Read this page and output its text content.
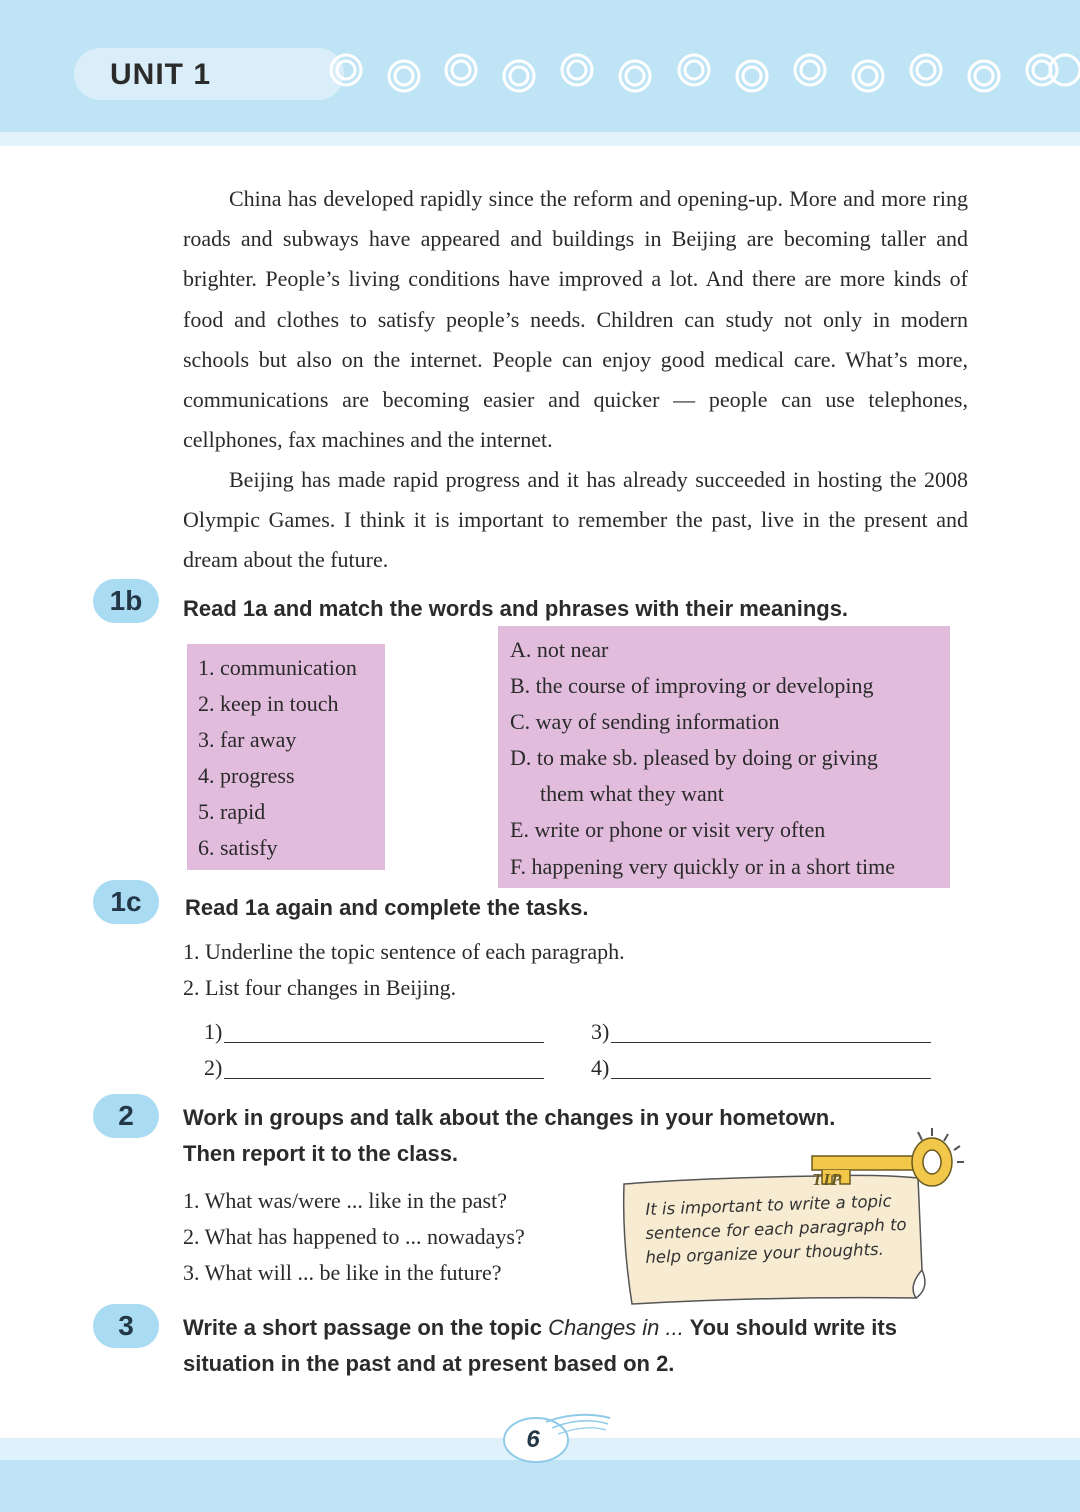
UNIT 1
China has developed rapidly since the reform and opening-up. More and more ring roads and subways have appeared and buildings in Beijing are becoming taller and brighter. People’s living conditions have improved a lot. And there are more kinds of food and clothes to satisfy people’s needs. Children can study not only in modern schools but also on the internet. People can enjoy good medical care. What’s more, communications are becoming easier and quicker — people can use telephones, cellphones, fax machines and the internet.
Beijing has made rapid progress and it has already succeeded in hosting the 2008 Olympic Games. I think it is important to remember the past, live in the present and dream about the future.
1b	Read 1a and match the words and phrases with their meanings.
1. communication
2. keep in touch
3. far away
4. progress
5. rapid
6. satisfy
A. not near
B. the course of improving or developing
C. way of sending information
D. to make sb. pleased by doing or giving
them what they want
E. write or phone or visit very often
F. happening very quickly or in a short time
1c	Read 1a again and complete the tasks.
1. Underline the topic sentence of each paragraph.
2. List four changes in Beijing.
1)
2)
3)
4)
2	Work in groups and talk about the changes in your hometown.
Then report it to the class.
1. What was/were ... like in the past?
2. What has happened to ... nowadays?
3. What will ... be like in the future?
TIP
It is important to write a topic
sentence for each paragraph to
help organize your thoughts.
3	Write a short passage on the topic Changes in ... You should write its
situation in the past and at present based on 2.
6
